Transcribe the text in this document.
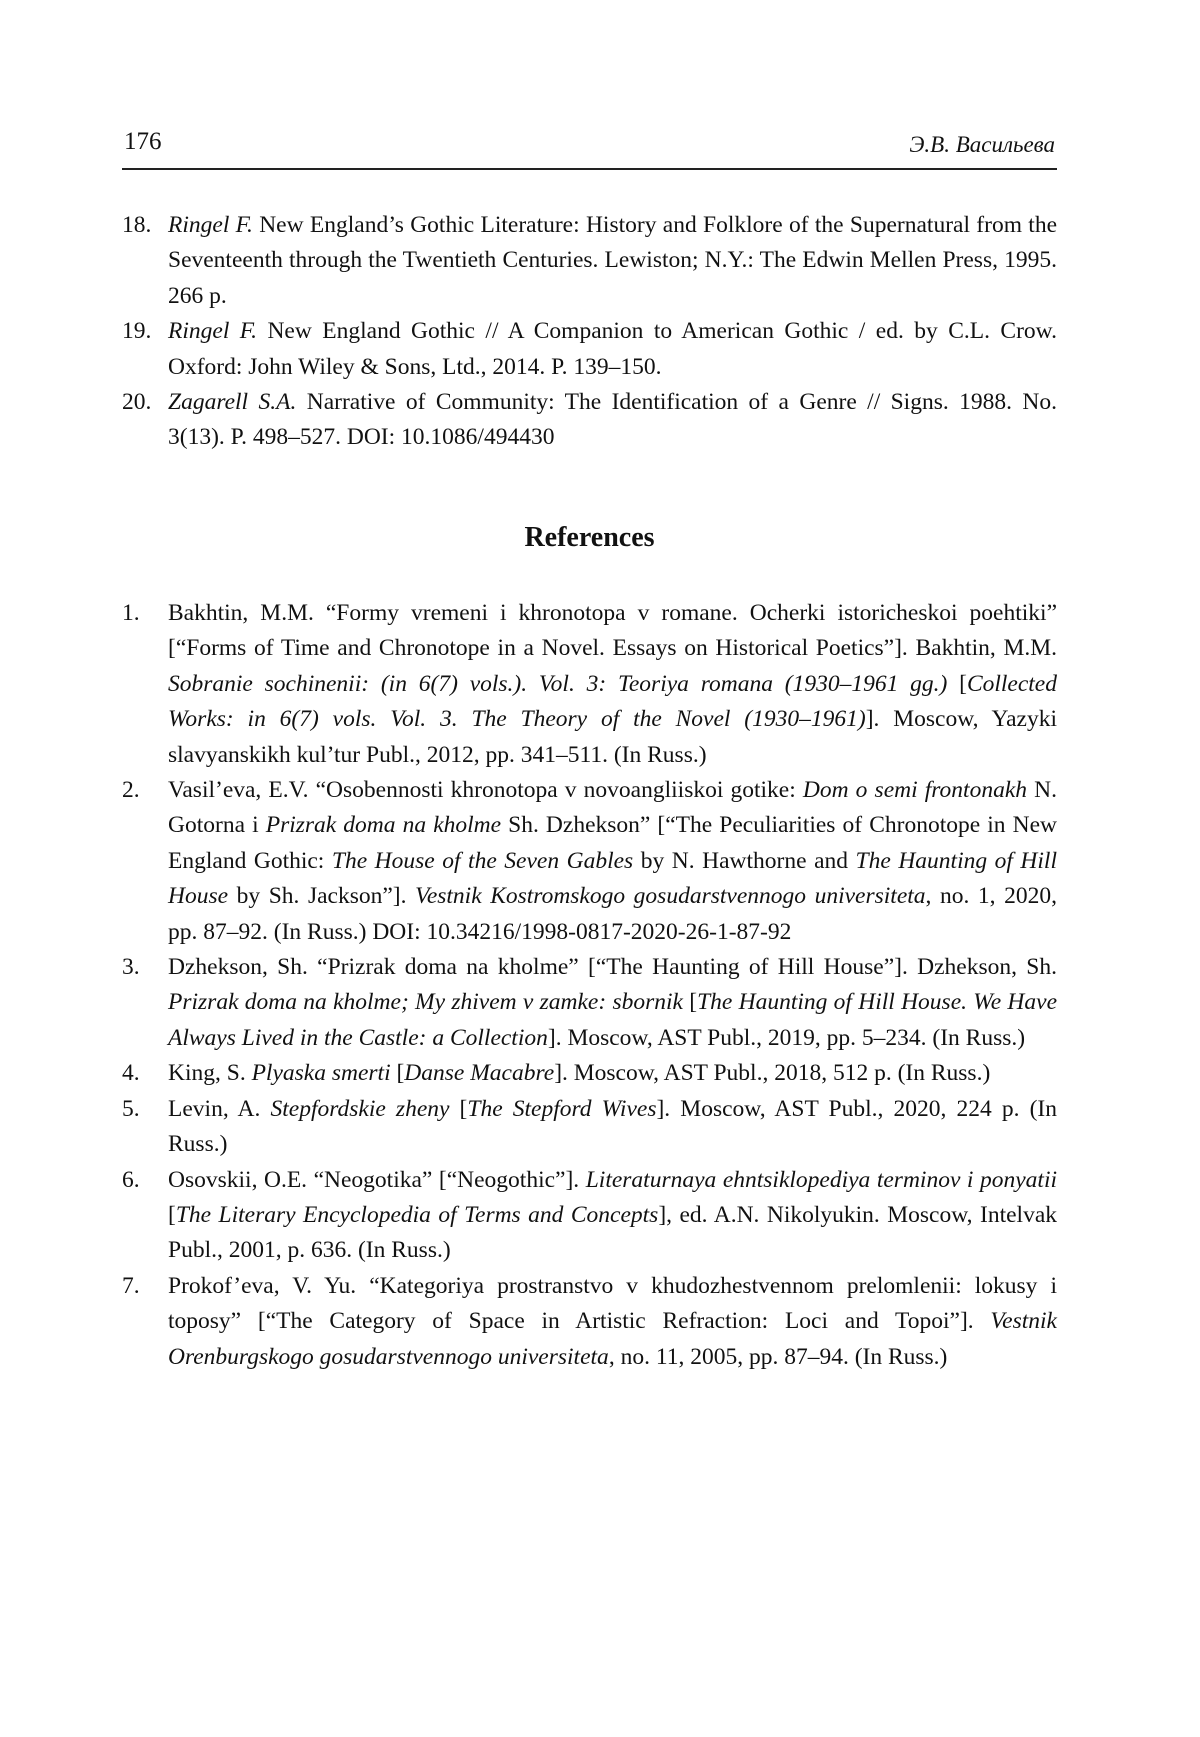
176	Э.В. Васильева
18. Ringel F. New England’s Gothic Literature: History and Folklore of the Supernatural from the Seventeenth through the Twentieth Centuries. Lewiston; N.Y.: The Edwin Mellen Press, 1995. 266 p.
19. Ringel F. New England Gothic // A Companion to American Gothic / ed. by C.L. Crow. Oxford: John Wiley & Sons, Ltd., 2014. P. 139–150.
20. Zagarell S.A. Narrative of Community: The Identification of a Genre // Signs. 1988. No. 3(13). P. 498–527. DOI: 10.1086/494430
References
1. Bakhtin, M.M. “Formy vremeni i khronotopa v romane. Ocherki istoricheskoi poehtiki” [“Forms of Time and Chronotope in a Novel. Essays on Historical Poetics”]. Bakhtin, M.M. Sobranie sochinenii: (in 6(7) vols.). Vol. 3: Teoriya romana (1930–1961 gg.) [Collected Works: in 6(7) vols. Vol. 3. The Theory of the Novel (1930–1961)]. Moscow, Yazyki slavyanskikh kul’tur Publ., 2012, pp. 341–511. (In Russ.)
2. Vasil’eva, E.V. “Osobennosti khronotopa v novoangliiskoi gotike: Dom o semi frontonakh N. Gotorna i Prizrak doma na kholme Sh. Dzhekson” [“The Peculiarities of Chronotope in New England Gothic: The House of the Seven Gables by N. Hawthorne and The Haunting of Hill House by Sh. Jackson”]. Vestnik Kostromskogo gosudarstvennogo universiteta, no. 1, 2020, pp. 87–92. (In Russ.) DOI: 10.34216/1998-0817-2020-26-1-87-92
3. Dzhekson, Sh. “Prizrak doma na kholme” [“The Haunting of Hill House”]. Dzhekson, Sh. Prizrak doma na kholme; My zhivem v zamke: sbornik [The Haunting of Hill House. We Have Always Lived in the Castle: a Collection]. Moscow, AST Publ., 2019, pp. 5–234. (In Russ.)
4. King, S. Plyaska smerti [Danse Macabre]. Moscow, AST Publ., 2018, 512 p. (In Russ.)
5. Levin, A. Stepfordskie zheny [The Stepford Wives]. Moscow, AST Publ., 2020, 224 p. (In Russ.)
6. Osovskii, O.E. “Neogotika” [“Neogothic”]. Literaturnaya ehntsiklopediya terminov i ponyatii [The Literary Encyclopedia of Terms and Concepts], ed. A.N. Nikolyukin. Moscow, Intelvak Publ., 2001, p. 636. (In Russ.)
7. Prokof’eva, V. Yu. “Kategoriya prostranstvo v khudozhestvennom prelomlenii: lokusy i toposy” [“The Category of Space in Artistic Refraction: Loci and Topoi”]. Vestnik Orenburgskogo gosudarstvennogo universiteta, no. 11, 2005, pp. 87–94. (In Russ.)
